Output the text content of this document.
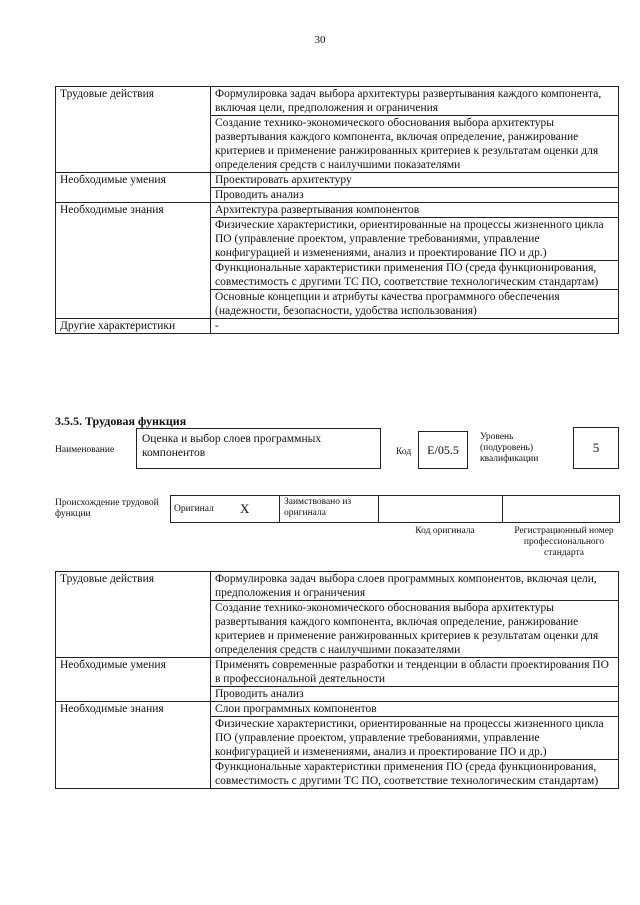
30
Трудовые действия	Формулировка задач выбора архитектуры развертывания каждого компонента, включая цели, предположения и ограничения
	Создание технико-экономического обоснования выбора архитектуры развертывания каждого компонента, включая определение, ранжирование критериев и применение ранжированных критериев к результатам оценки для определения средств с наилучшими показателями
Необходимые умения	Проектировать архитектуру
	Проводить анализ
Необходимые знания	Архитектура развертывания компонентов
	Физические характеристики, ориентированные на процессы жизненного цикла ПО (управление проектом, управление требованиями, управление конфигурацией и изменениями, анализ и проектирование ПО и др.)
	Функциональные характеристики применения ПО (среда функционирования, совместимость с другими ТС ПО, соответствие технологическим стандартам)
	Основные концепции и атрибуты качества программного обеспечения (надежности, безопасности, удобства использования)
Другие характеристики	-
3.5.5. Трудовая функция
Наименование
Оценка и выбор слоев программных компонентов	Код	E/05.5
Уровень (подуровень) квалификации
5
Происхождение трудовой функции	Оригинал X	Заимствовано из оригинала
Код оригинала	Регистрационный номер профессионального стандарта
Трудовые действия	Формулировка задач выбора слоев программных компонентов, включая цели, предположения и ограничения
	Создание технико-экономического обоснования выбора архитектуры развертывания каждого компонента, включая определение, ранжирование критериев и применение ранжированных критериев к результатам оценки для определения средств с наилучшими показателями
Необходимые умения	Применять современные разработки и тенденции в области проектирования ПО в профессиональной деятельности
	Проводить анализ
Необходимые знания	Слои программных компонентов
	Физические характеристики, ориентированные на процессы жизненного цикла ПО (управление проектом, управление требованиями, управление конфигурацией и изменениями, анализ и проектирование ПО и др.)
	Функциональные характеристики применения ПО (среда функционирования, совместимость с другими ТС ПО, соответствие технологическим стандартам)
